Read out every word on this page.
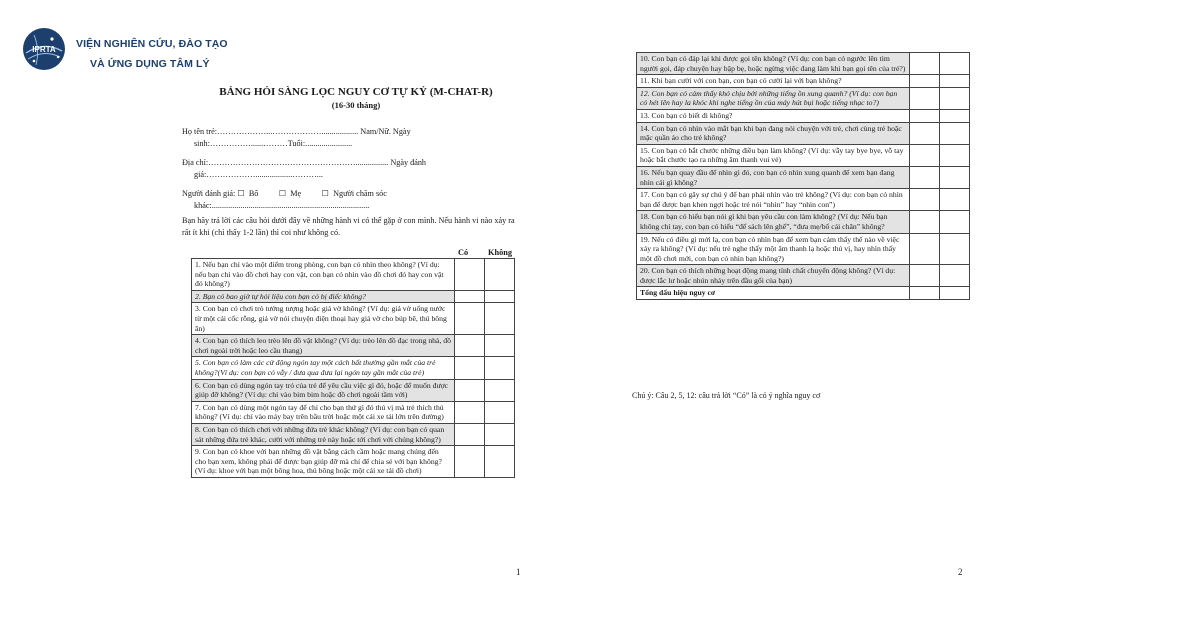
IPRTA VIỆN NGHIÊN CỨU, ĐÀO TẠO
VÀ ỨNG DỤNG TÂM LÝ
BẢNG HỎI SÀNG LỌC NGUY CƠ TỰ KỶ (M-CHAT-R)
(16-30 tháng)
Họ tên trẻ:………………...……………….................. Nam/Nữ. Ngày
sinh:……………......………Tuổi:.......................
Địa chỉ:………………………………………………................ Ngày đánh
giá:………………..................………...
Người đánh giá: ☐  Bố          ☐  Mẹ          ☐  Người chăm sóc
khác:.............................................................................
Bạn hãy trả lời các câu hỏi dưới đây về những hành vi có thể gặp ở con mình. Nếu hành vi nào xảy ra rất ít khi (chỉ thấy 1-2 lần) thì coi như không có.
Có Không
1. Nếu bạn chỉ vào một điểm trong phòng, con bạn có nhìn theo không? (Ví dụ: nếu bạn chỉ vào đồ chơi hay con vật, con bạn có nhìn vào đồ chơi đó hay con vật đó không?)		
2. Bạn có bao giờ tự hỏi liệu con bạn có bị điếc không?		
3. Con bạn có chơi trò tưởng tượng hoặc giả vờ không? (Ví dụ: giả vờ uống nước từ một cái cốc rỗng, giả vờ nói chuyện điện thoại hay giả vờ cho búp bê, thú bông ăn)		
4. Con bạn có thích leo trèo lên đồ vật không? (Ví dụ: trèo lên đồ đạc trong nhà, đồ chơi ngoài trời hoặc leo cầu thang)		
5. Con bạn có làm các cử động ngón tay một cách bất thường gần mắt của trẻ không?(Ví dụ: con bạn có vẫy / đưa qua đưa lại ngón tay gần mắt của trẻ)		
6. Con bạn có dùng ngón tay trỏ của trẻ để yêu cầu việc gì đó, hoặc để muốn được giúp đỡ không? (Ví dụ: chỉ vào bim bim hoặc đồ chơi ngoài tầm với)		
7. Con bạn có dùng một ngón tay để chỉ cho bạn thứ gì đó thú vị mà trẻ thích thú không? (Ví dụ: chỉ vào máy bay trên bầu trời hoặc một cái xe tải lớn trên đường)		
8. Con bạn có thích chơi với những đứa trẻ khác không? (Ví dụ: con bạn có quan sát những đứa trẻ khác, cười với những trẻ này hoặc tới chơi với chúng không?)		
9. Con bạn có khoe với bạn những đồ vật bằng cách cầm hoặc mang chúng đến cho bạn xem, không phải để được bạn giúp đỡ mà chỉ để chia sẻ với bạn không? (Ví dụ: khoe với bạn một bông hoa, thú bông hoặc một cái xe tải đồ chơi)		
1
10. Con bạn có đáp lại khi được gọi tên không? (Ví dụ: con bạn có ngước lên tìm người gọi, đáp chuyện hay bập bẹ, hoặc ngừng việc đang làm khi bạn gọi tên của trẻ?)		
11. Khi bạn cười với con bạn, con bạn có cười lại với bạn không?		
12. Con bạn có cảm thấy khó chịu bởi những tiếng ồn xung quanh? (Ví dụ: con bạn có hét lên hay la khóc khi nghe tiếng ồn của máy hút bụi hoặc tiếng nhạc to?)		
13. Con bạn có biết đi không?		
14. Con bạn có nhìn vào mắt bạn khi bạn đang nói chuyện với trẻ, chơi cùng trẻ hoặc mặc quần áo cho trẻ không?		
15. Con bạn có bắt chước những điều bạn làm không? (Ví dụ: vẫy tay bye bye, vỗ tay hoặc bắt chước tạo ra những âm thanh vui vẻ)		
16. Nếu bạn quay đầu để nhìn gì đó, con bạn có nhìn xung quanh để xem bạn đang nhìn cái gì không?		
17. Con bạn có gây sự chú ý để bạn phải nhìn vào trẻ không? (Ví dụ: con bạn có nhìn bạn để được bạn khen ngợi hoặc trẻ nói “nhìn” hay “nhìn con”)		
18. Con bạn có hiểu bạn nói gì khi bạn yêu cầu con làm không? (Ví dụ: Nếu bạn không chỉ tay, con bạn có hiểu “để sách lên ghế”, “đưa mẹ/bố cái chăn” không?		
19. Nếu có điều gì mới lạ, con bạn có nhìn bạn để xem bạn cảm thấy thế nào về việc xảy ra không? (Ví dụ: nếu trẻ nghe thấy một âm thanh lạ hoặc thú vị, hay nhìn thấy một đồ chơi mới, con bạn có nhìn bạn không?)		
20. Con bạn có thích những hoạt động mang tính chất chuyển động không? (Ví dụ: được lắc lư hoặc nhún nhảy trên đầu gối của bạn)		
Tổng dấu hiệu nguy cơ		
Chú ý: Câu 2, 5, 12: câu trả lời “Có” là có ý nghĩa nguy cơ
2
